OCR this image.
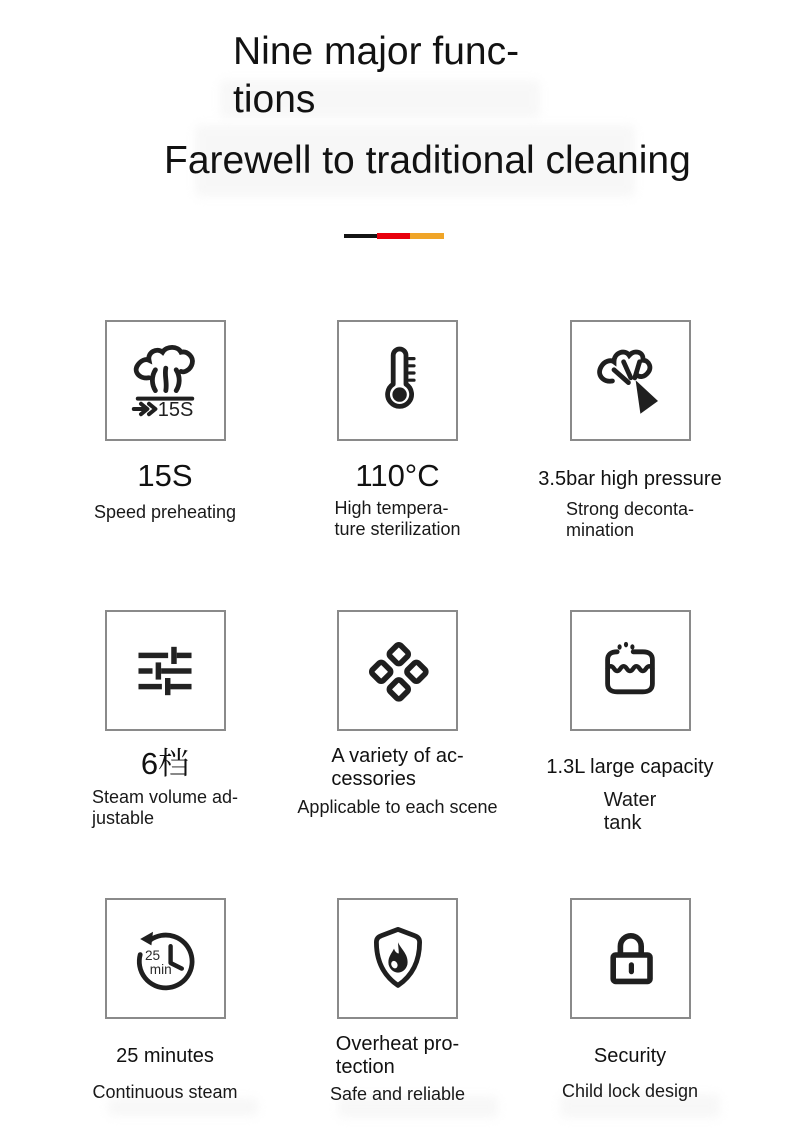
Nine major func-
tions
Farewell to traditional cleaning
15S
15S
Speed preheating
110°C
High tempera-
ture sterilization
3.5bar high pressure
Strong deconta-
mination
6档
Steam volume ad-
justable
A variety of ac-
cessories
Applicable to each scene
1.3L large capacity
Water
tank
25
min
25 minutes
Continuous steam
Overheat pro-
tection
Safe and reliable
Security
Child lock design
